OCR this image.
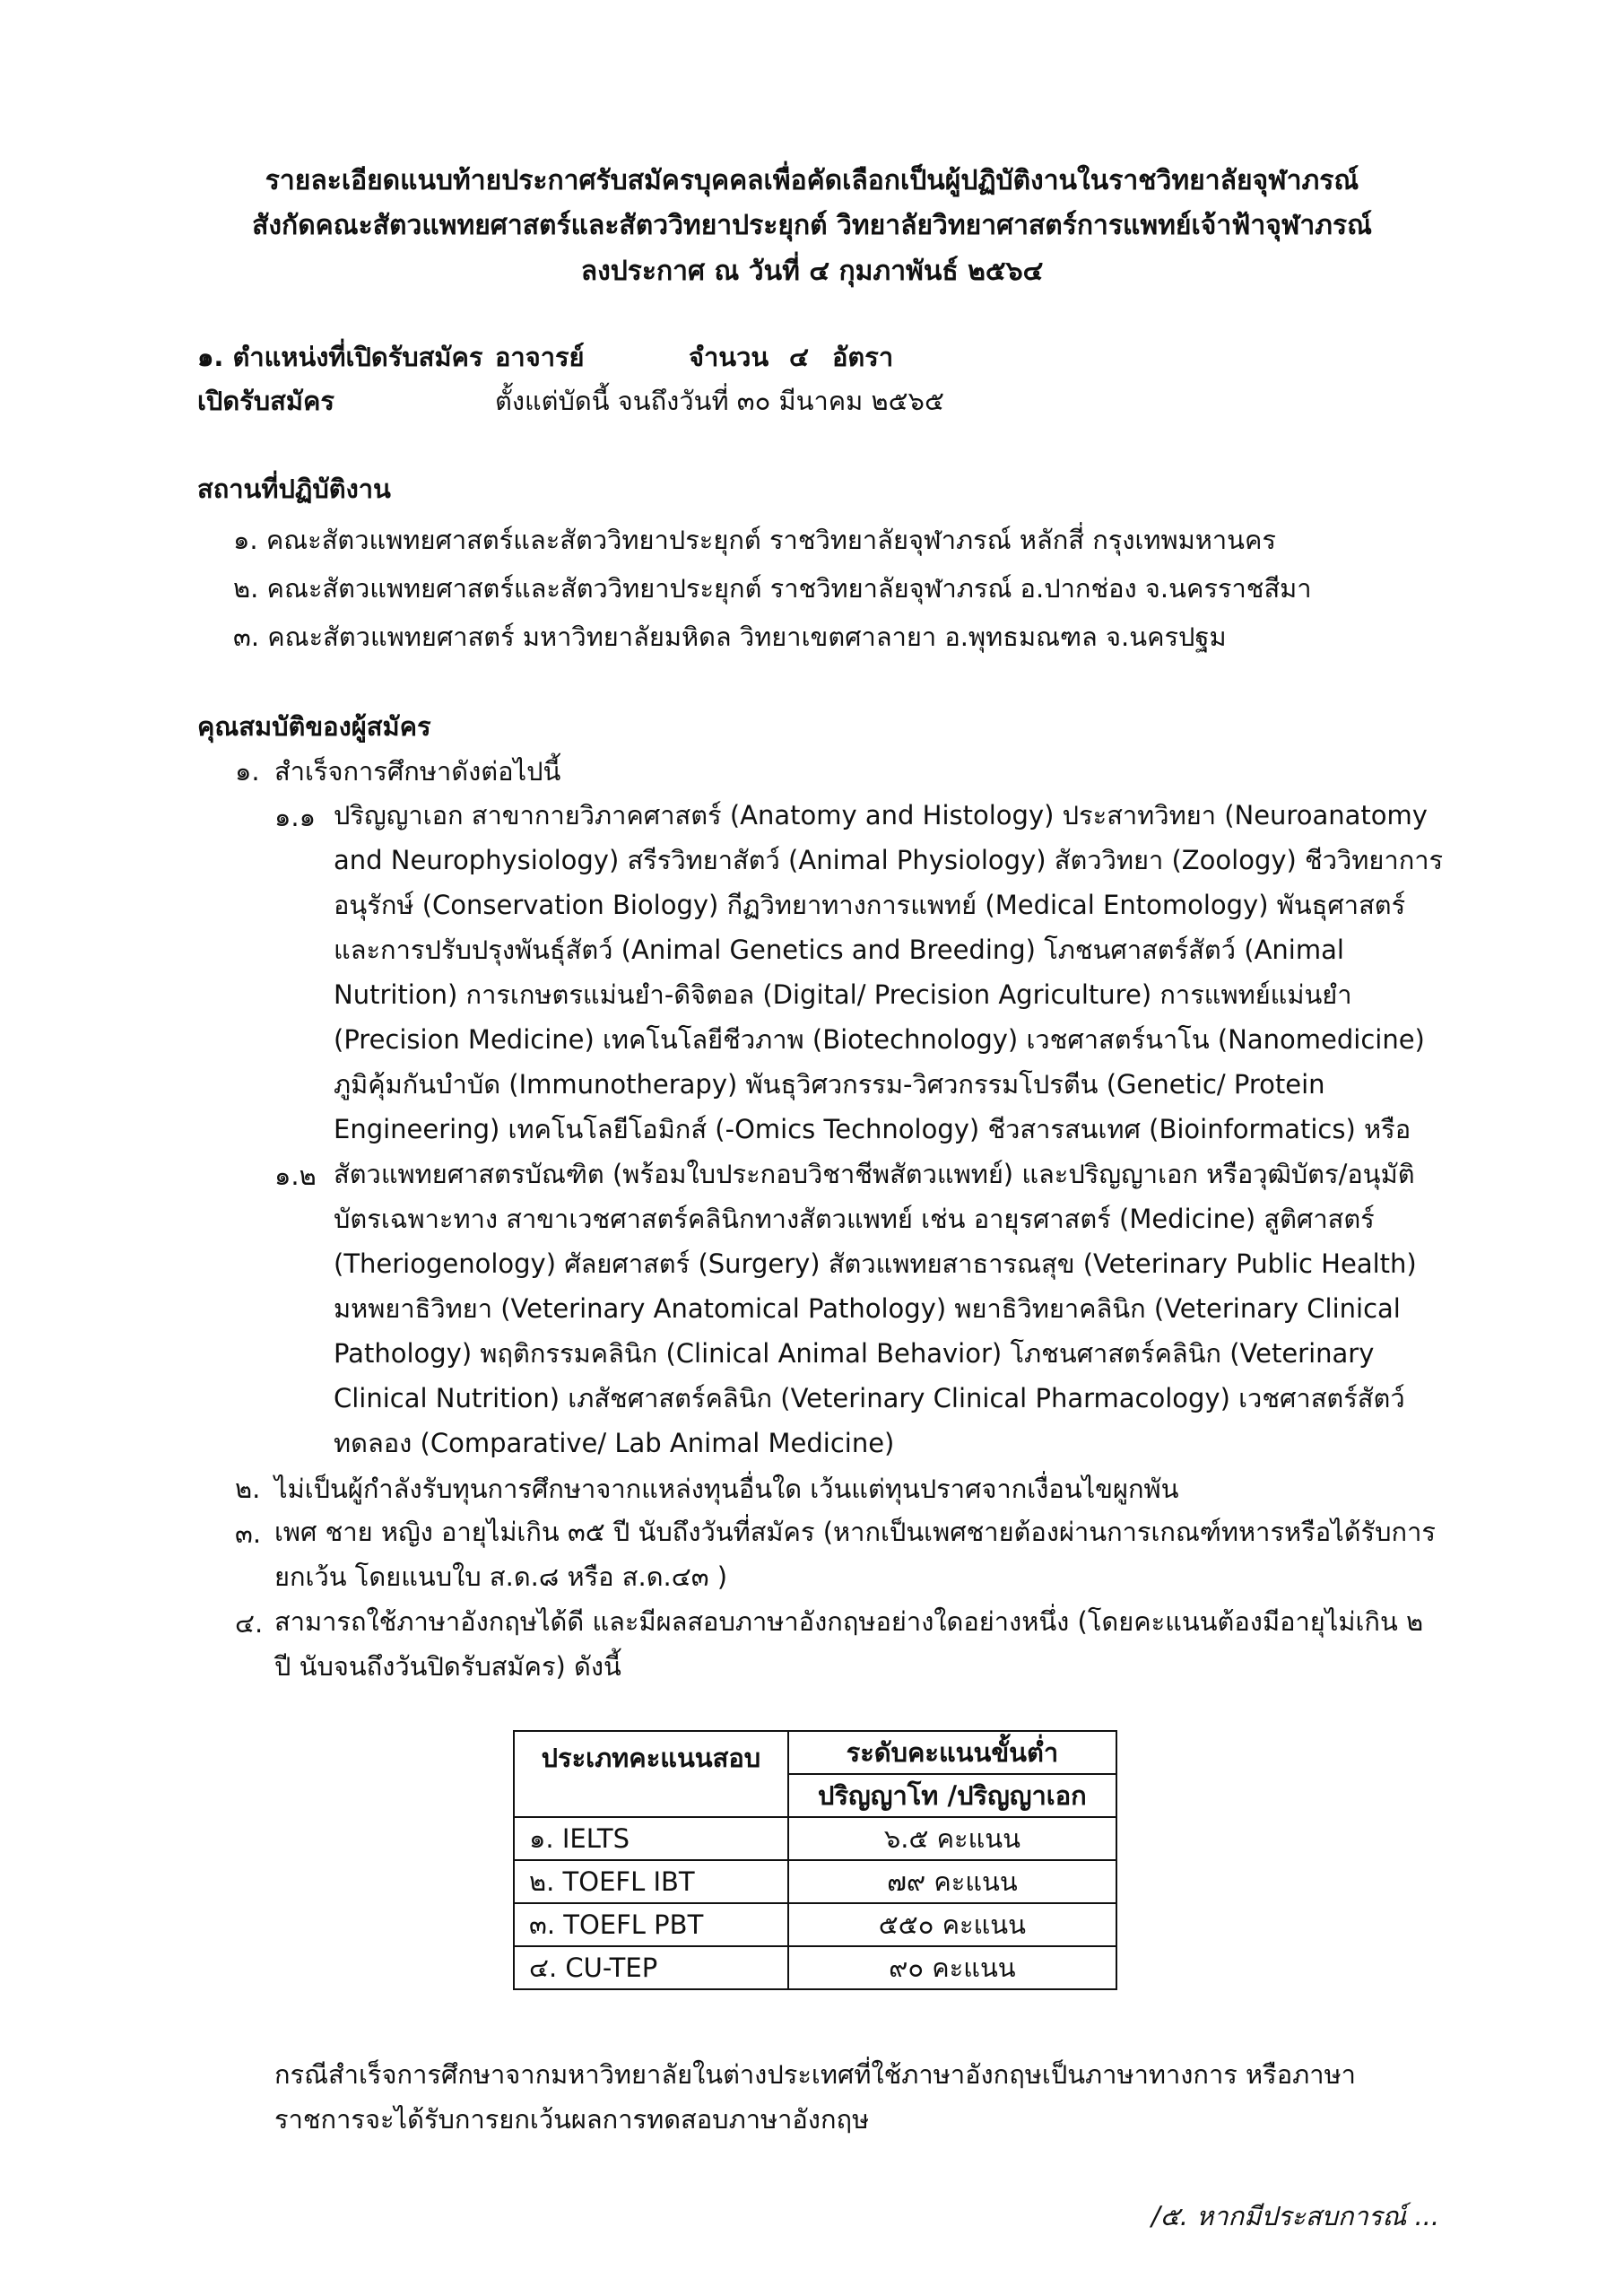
รายละเอียดแนบท้ายประกาศรับสมัครบุคคลเพื่อคัดเลือกเป็นผู้ปฏิบัติงานในราชวิทยาลัยจุฬาภรณ์
สังกัดคณะสัตวแพทยศาสตร์และสัตววิทยาประยุกต์ วิทยาลัยวิทยาศาสตร์การแพทย์เจ้าฟ้าจุฬาภรณ์
ลงประกาศ ณ วันที่ ๔ กุมภาพันธ์ ๒๕๖๔
๑. ตำแหน่งที่เปิดรับสมัคร อาจารย์	จำนวน ๔ อัตรา
เปิดรับสมัคร	ตั้งแต่บัดนี้ จนถึงวันที่ ๓๐ มีนาคม ๒๕๖๕
สถานที่ปฏิบัติงาน
๑. คณะสัตวแพทยศาสตร์และสัตววิทยาประยุกต์ ราชวิทยาลัยจุฬาภรณ์ หลักสี่ กรุงเทพมหานคร
๒. คณะสัตวแพทยศาสตร์และสัตววิทยาประยุกต์ ราชวิทยาลัยจุฬาภรณ์ อ.ปากช่อง จ.นครราชสีมา
๓. คณะสัตวแพทยศาสตร์ มหาวิทยาลัยมหิดล วิทยาเขตศาลายา อ.พุทธมณฑล จ.นครปฐม
คุณสมบัติของผู้สมัคร
๑. สำเร็จการศึกษาดังต่อไปนี้
๑.๑ ปริญญาเอก สาขากายวิภาคศาสตร์ (Anatomy and Histology) ประสาทวิทยา (Neuroanatomy and Neurophysiology) สรีรวิทยาสัตว์ (Animal Physiology) สัตววิทยา (Zoology) ชีววิทยาการอนุรักษ์ (Conservation Biology) กีฏวิทยาทางการแพทย์ (Medical Entomology) พันธุศาสตร์และการปรับปรุงพันธุ์สัตว์ (Animal Genetics and Breeding) โภชนศาสตร์สัตว์ (Animal Nutrition) การเกษตรแม่นยำ-ดิจิตอล (Digital/ Precision Agriculture) การแพทย์แม่นยำ (Precision Medicine) เทคโนโลยีชีวภาพ (Biotechnology) เวชศาสตร์นาโน (Nanomedicine) ภูมิคุ้มกันบำบัด (Immunotherapy) พันธุวิศวกรรม-วิศวกรรมโปรตีน (Genetic/ Protein Engineering) เทคโนโลยีโอมิกส์ (-Omics Technology) ชีวสารสนเทศ (Bioinformatics) หรือ
๑.๒ สัตวแพทยศาสตรบัณฑิต (พร้อมใบประกอบวิชาชีพสัตวแพทย์) และปริญญาเอก หรือวุฒิบัตร/อนุมัติบัตรเฉพาะทาง สาขาเวชศาสตร์คลินิกทางสัตวแพทย์ เช่น อายุรศาสตร์ (Medicine) สูติศาสตร์ (Theriogenology) ศัลยศาสตร์ (Surgery) สัตวแพทยสาธารณสุข (Veterinary Public Health) มหพยาธิวิทยา (Veterinary Anatomical Pathology) พยาธิวิทยาคลินิก (Veterinary Clinical Pathology) พฤติกรรมคลินิก (Clinical Animal Behavior) โภชนศาสตร์คลินิก (Veterinary Clinical Nutrition) เภสัชศาสตร์คลินิก (Veterinary Clinical Pharmacology) เวชศาสตร์สัตว์ทดลอง (Comparative/ Lab Animal Medicine)
๒. ไม่เป็นผู้กำลังรับทุนการศึกษาจากแหล่งทุนอื่นใด เว้นแต่ทุนปราศจากเงื่อนไขผูกพัน
๓. เพศ ชาย หญิง อายุไม่เกิน ๓๕ ปี นับถึงวันที่สมัคร (หากเป็นเพศชายต้องผ่านการเกณฑ์ทหารหรือได้รับการยกเว้น โดยแนบใบ ส.ด.๘ หรือ ส.ด.๔๓ )
๔. สามารถใช้ภาษาอังกฤษได้ดี และมีผลสอบภาษาอังกฤษอย่างใดอย่างหนึ่ง (โดยคะแนนต้องมีอายุไม่เกิน ๒ ปี นับจนถึงวันปิดรับสมัคร) ดังนี้
ประเภทคะแนนสอบ	ระดับคะแนนขั้นต่ำ
	ปริญญาโท /ปริญญาเอก
๑. IELTS	๖.๕ คะแนน
๒. TOEFL IBT	๗๙ คะแนน
๓. TOEFL PBT	๕๕๐ คะแนน
๔. CU-TEP	๙๐ คะแนน
กรณีสำเร็จการศึกษาจากมหาวิทยาลัยในต่างประเทศที่ใช้ภาษาอังกฤษเป็นภาษาทางการ หรือภาษาราชการจะได้รับการยกเว้นผลการทดสอบภาษาอังกฤษ
/๕. หากมีประสบการณ์ ...
